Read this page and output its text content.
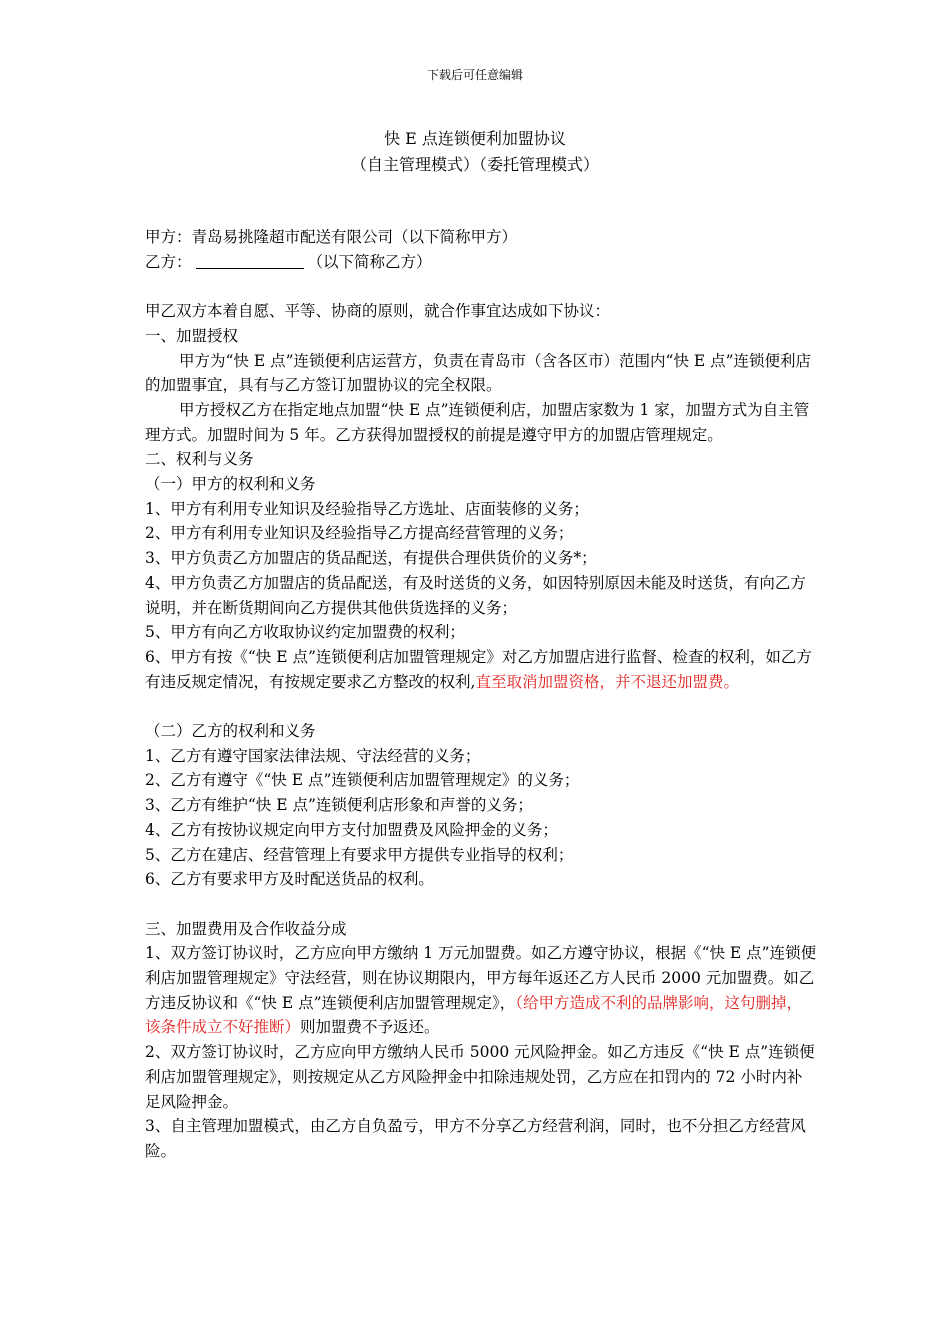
下载后可任意编辑
快 E 点连锁便利加盟协议
（自主管理模式）（委托管理模式）

甲方：青岛易挑隆超市配送有限公司（以下简称甲方）

乙方：	（以下简称乙方）

甲乙双方本着自愿、平等、协商的原则，就合作事宜达成如下协议：

一、加盟授权

甲方为“快 E 点”连锁便利店运营方，负责在青岛市（含各区市）范围内“快 E 点”连锁便利店的加盟事宜，具有与乙方签订加盟协议的完全权限。

甲方授权乙方在指定地点加盟“快 E 点”连锁便利店，加盟店家数为 1 家，加盟方式为自主管理方式。加盟时间为 5 年。乙方获得加盟授权的前提是遵守甲方的加盟店管理规定。

二、权利与义务

（一）甲方的权利和义务

1、甲方有利用专业知识及经验指导乙方选址、店面装修的义务；

2、甲方有利用专业知识及经验指导乙方提高经营管理的义务；

3、甲方负责乙方加盟店的货品配送，有提供合理供货价的义务*；

4、甲方负责乙方加盟店的货品配送，有及时送货的义务，如因特别原因未能及时送货，有向乙方说明，并在断货期间向乙方提供其他供货选择的义务；

5、甲方有向乙方收取协议约定加盟费的权利；

6、甲方有按《“快 E 点”连锁便利店加盟管理规定》对乙方加盟店进行监督、检查的权利，如乙方有违反规定情况，有按规定要求乙方整改的权利,直至取消加盟资格，并不退还加盟费。

（二）乙方的权利和义务

1、乙方有遵守国家法律法规、守法经营的义务；

2、乙方有遵守《“快 E 点”连锁便利店加盟管理规定》的义务；

3、乙方有维护“快 E 点”连锁便利店形象和声誉的义务；

4、乙方有按协议规定向甲方支付加盟费及风险押金的义务；

5、乙方在建店、经营管理上有要求甲方提供专业指导的权利；

6、乙方有要求甲方及时配送货品的权利。

三、加盟费用及合作收益分成

1、双方签订协议时，乙方应向甲方缴纳 1 万元加盟费。如乙方遵守协议，根据《“快 E 点”连锁便利店加盟管理规定》守法经营，则在协议期限内，甲方每年返还乙方人民币 2000 元加盟费。如乙方违反协议和《“快 E 点”连锁便利店加盟管理规定》，（给甲方造成不利的品牌影响，这句删掉，该条件成立不好推断）则加盟费不予返还。

2、双方签订协议时，乙方应向甲方缴纳人民币 5000 元风险押金。如乙方违反《“快 E 点”连锁便利店加盟管理规定》，则按规定从乙方风险押金中扣除违规处罚，乙方应在扣罚内的 72 小时内补足风险押金。

3、自主管理加盟模式，由乙方自负盈亏，甲方不分享乙方经营利润，同时，也不分担乙方经营风险。
